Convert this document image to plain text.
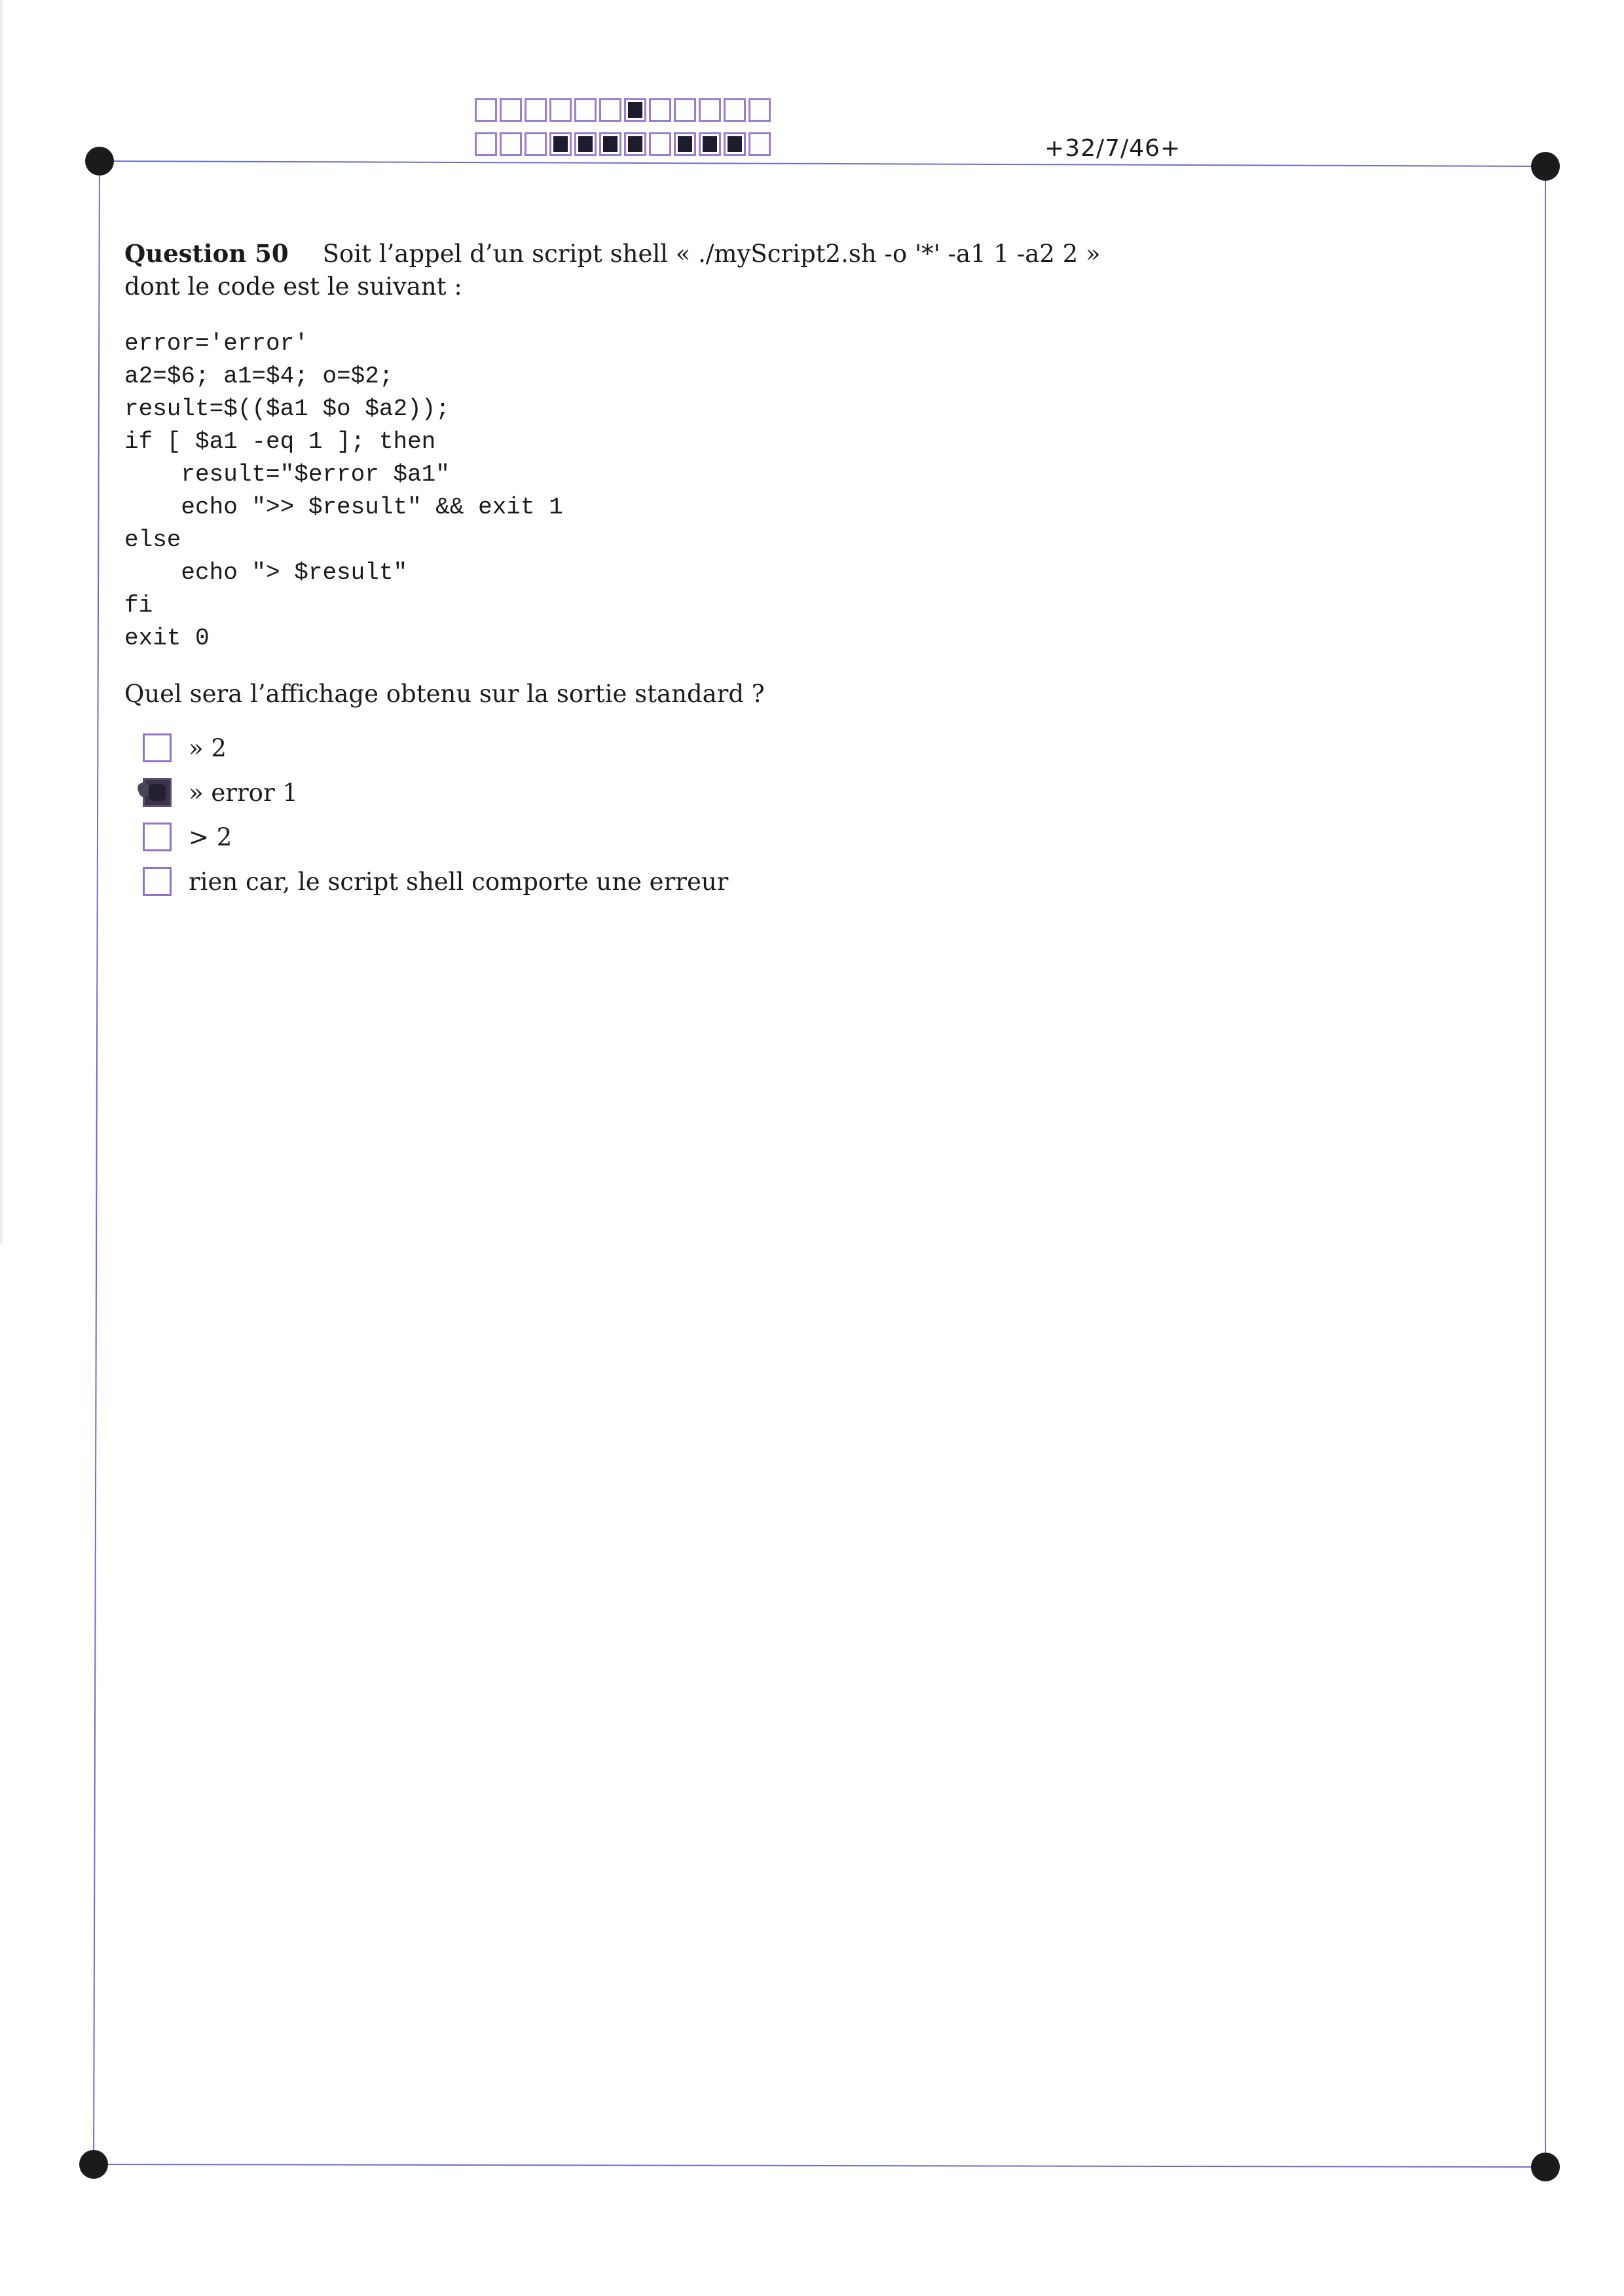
+32/7/46+
Question 50 Soit l’appel d’un script shell « ./myScript2.sh -o '*' -a1 1 -a2 2 »
dont le code est le suivant :
error='error'
a2=$6; a1=$4; o=$2;
result=$(($a1 $o $a2));
if [ $a1 -eq 1 ]; then
result="$error $a1"
echo ">> $result" && exit 1
else
echo "> $result"
fi
exit 0
Quel sera l’affichage obtenu sur la sortie standard ?
» 2
» error 1
> 2
rien car, le script shell comporte une erreur
